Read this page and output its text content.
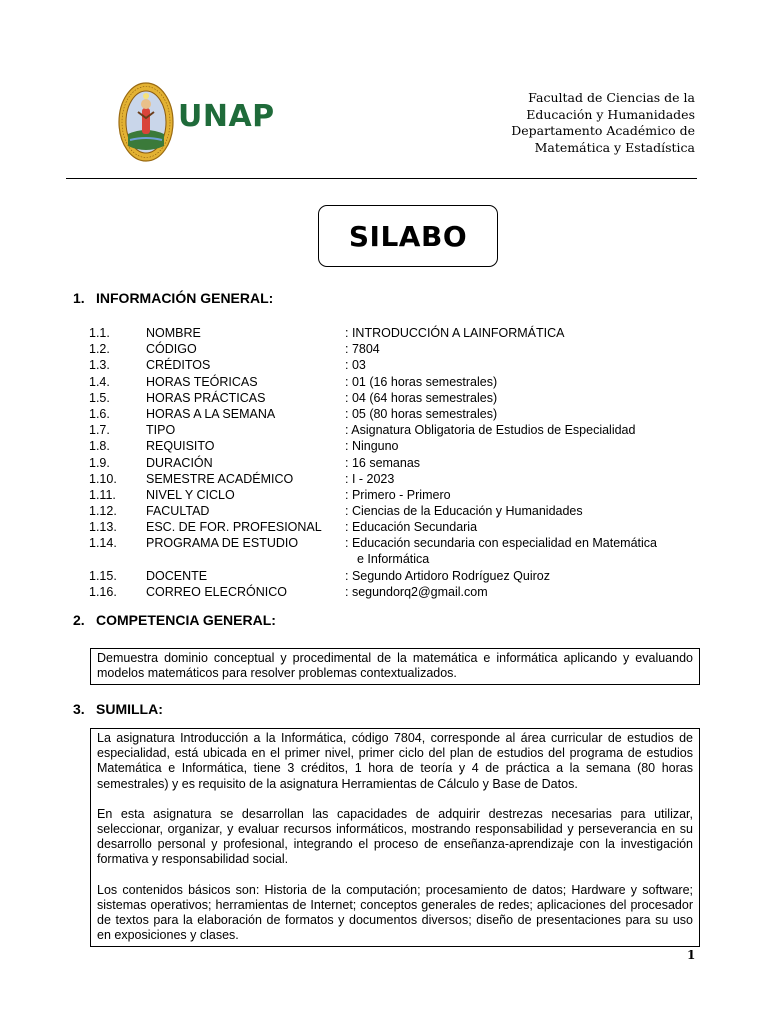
UNAP
Facultad de Ciencias de la
Educación y Humanidades
Departamento Académico de
Matemática y Estadística
SILABO
1. INFORMACIÓN GENERAL:
1.1.	NOMBRE	: INTRODUCCIÓN A LAINFORMÁTICA
1.2.	CÓDIGO	: 7804
1.3.	CRÉDITOS	: 03
1.4.	HORAS TEÓRICAS	: 01 (16 horas semestrales)
1.5.	HORAS PRÁCTICAS	: 04 (64 horas semestrales)
1.6.	HORAS A LA SEMANA	: 05 (80 horas semestrales)
1.7.	TIPO	: Asignatura Obligatoria de Estudios de Especialidad
1.8.	REQUISITO	: Ninguno
1.9.	DURACIÓN	: 16 semanas
1.10. SEMESTRE ACADÉMICO	: I - 2023
1.11. NIVEL Y CICLO	: Primero - Primero
1.12. FACULTAD	: Ciencias de la Educación y Humanidades
1.13. ESC. DE FOR. PROFESIONAL : Educación Secundaria
1.14. PROGRAMA DE ESTUDIO	: Educación secundaria con especialidad en Matemática
e Informática
1.15. DOCENTE	: Segundo Artidoro Rodríguez Quiroz
1.16. CORREO ELECRÓNICO	: segundorq2@gmail.com
2. COMPETENCIA GENERAL:

Demuestra dominio conceptual y procedimental de la matemática e informática aplicando y evaluando modelos matemáticos para resolver problemas contextualizados.

3. SUMILLA:

La asignatura Introducción a la Informática, código 7804, corresponde al área curricular de estudios de especialidad, está ubicada en el primer nivel, primer ciclo del plan de estudios del programa de estudios Matemática e Informática, tiene 3 créditos, 1 hora de teoría y 4 de práctica a la semana (80 horas semestrales) y es requisito de la asignatura Herramientas de Cálculo y Base de Datos.

En esta asignatura se desarrollan las capacidades de adquirir destrezas necesarias para utilizar, seleccionar, organizar, y evaluar recursos informáticos, mostrando responsabilidad y perseverancia en su desarrollo personal y profesional, integrando el proceso de enseñanza-aprendizaje con la investigación formativa y responsabilidad social.

Los contenidos básicos son: Historia de la computación; procesamiento de datos; Hardware y software; sistemas operativos; herramientas de Internet; conceptos generales de redes; aplicaciones del procesador de textos para la elaboración de formatos y documentos diversos; diseño de presentaciones para su uso en exposiciones y clases.

1
